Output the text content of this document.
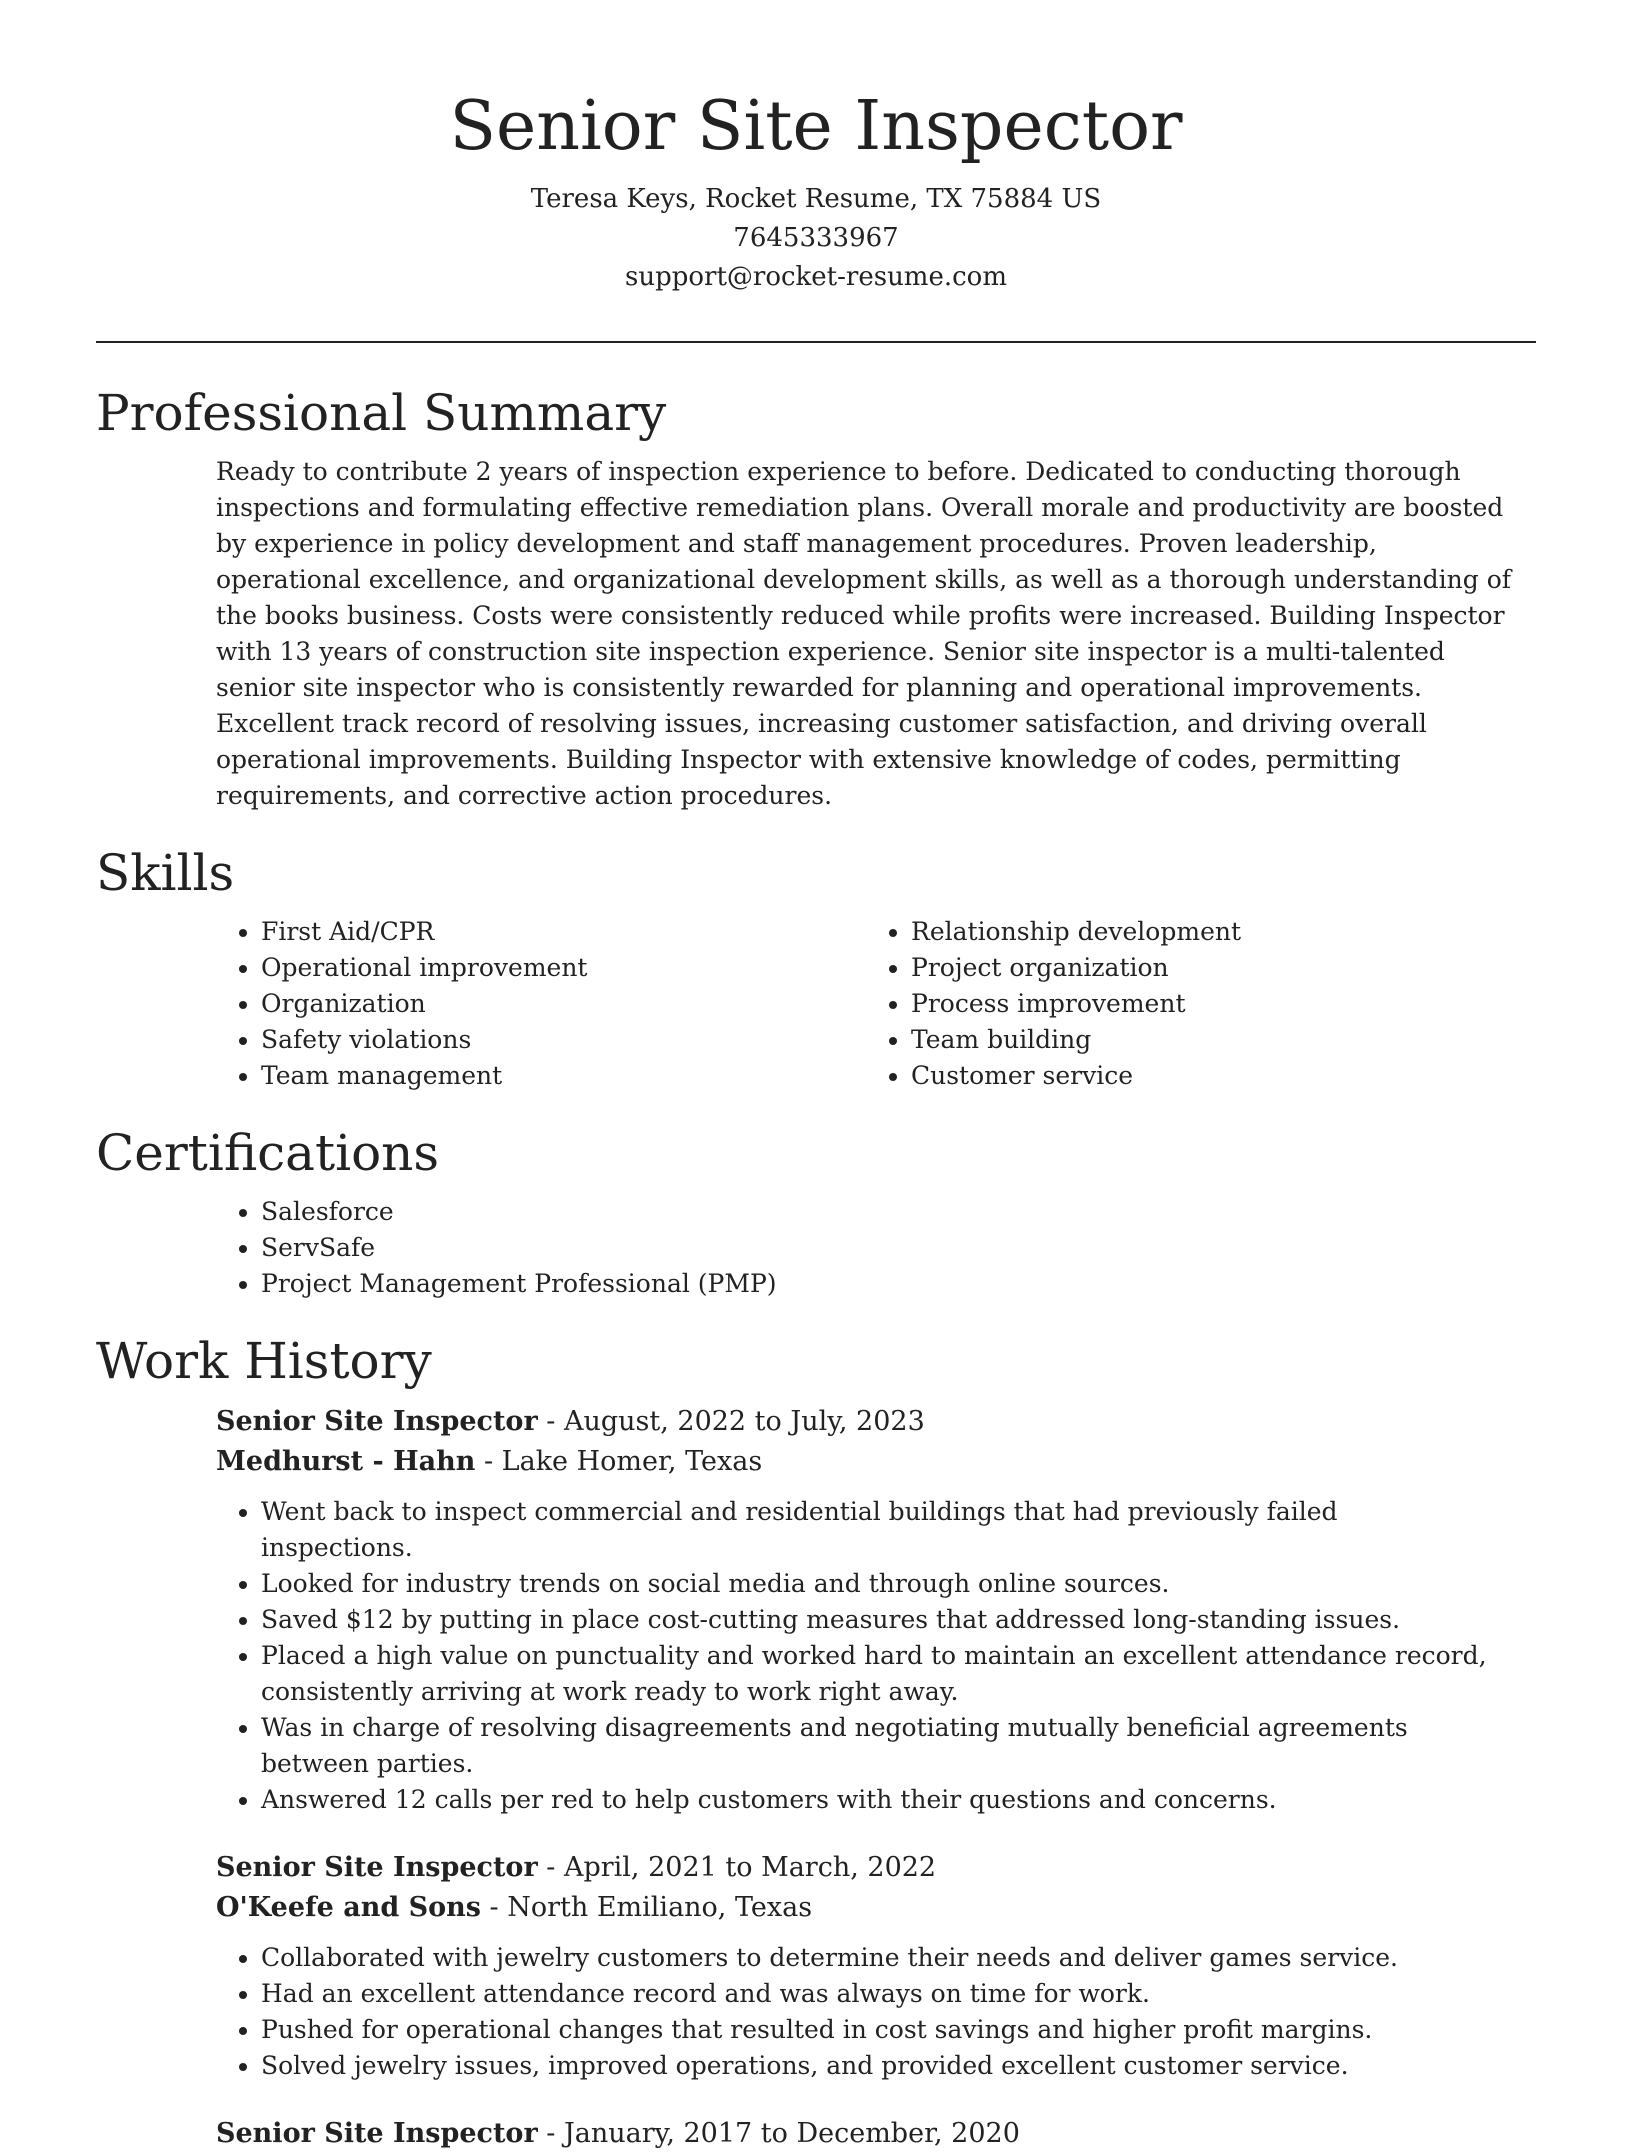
Senior Site Inspector
Teresa Keys, Rocket Resume, TX 75884 US
7645333967
support@rocket-resume.com
Professional Summary

Ready to contribute 2 years of inspection experience to before. Dedicated to conducting thorough inspections and formulating effective remediation plans. Overall morale and productivity are boosted by experience in policy development and staff management procedures. Proven leadership, operational excellence, and organizational development skills, as well as a thorough understanding of the books business. Costs were consistently reduced while profits were increased. Building Inspector with 13 years of construction site inspection experience. Senior site inspector is a multi-talented senior site inspector who is consistently rewarded for planning and operational improvements. Excellent track record of resolving issues, increasing customer satisfaction, and driving overall operational improvements. Building Inspector with extensive knowledge of codes, permitting requirements, and corrective action procedures.

Skills
• First Aid/CPR
• Operational improvement
• Organization
• Safety violations
• Team management
• Relationship development
• Project organization
• Process improvement
• Team building
• Customer service
Certifications
• Salesforce
• ServSafe
• Project Management Professional (PMP)
Work History
Senior Site Inspector - August, 2022 to July, 2023
Medhurst - Hahn - Lake Homer, Texas
• Went back to inspect commercial and residential buildings that had previously failed inspections.
• Looked for industry trends on social media and through online sources.
• Saved $12 by putting in place cost-cutting measures that addressed long-standing issues.
• Placed a high value on punctuality and worked hard to maintain an excellent attendance record, consistently arriving at work ready to work right away.
• Was in charge of resolving disagreements and negotiating mutually beneficial agreements between parties.
• Answered 12 calls per red to help customers with their questions and concerns.
Senior Site Inspector - April, 2021 to March, 2022
O'Keefe and Sons - North Emiliano, Texas
• Collaborated with jewelry customers to determine their needs and deliver games service.
• Had an excellent attendance record and was always on time for work.
• Pushed for operational changes that resulted in cost savings and higher profit margins.
• Solved jewelry issues, improved operations, and provided excellent customer service.
Senior Site Inspector - January, 2017 to December, 2020
